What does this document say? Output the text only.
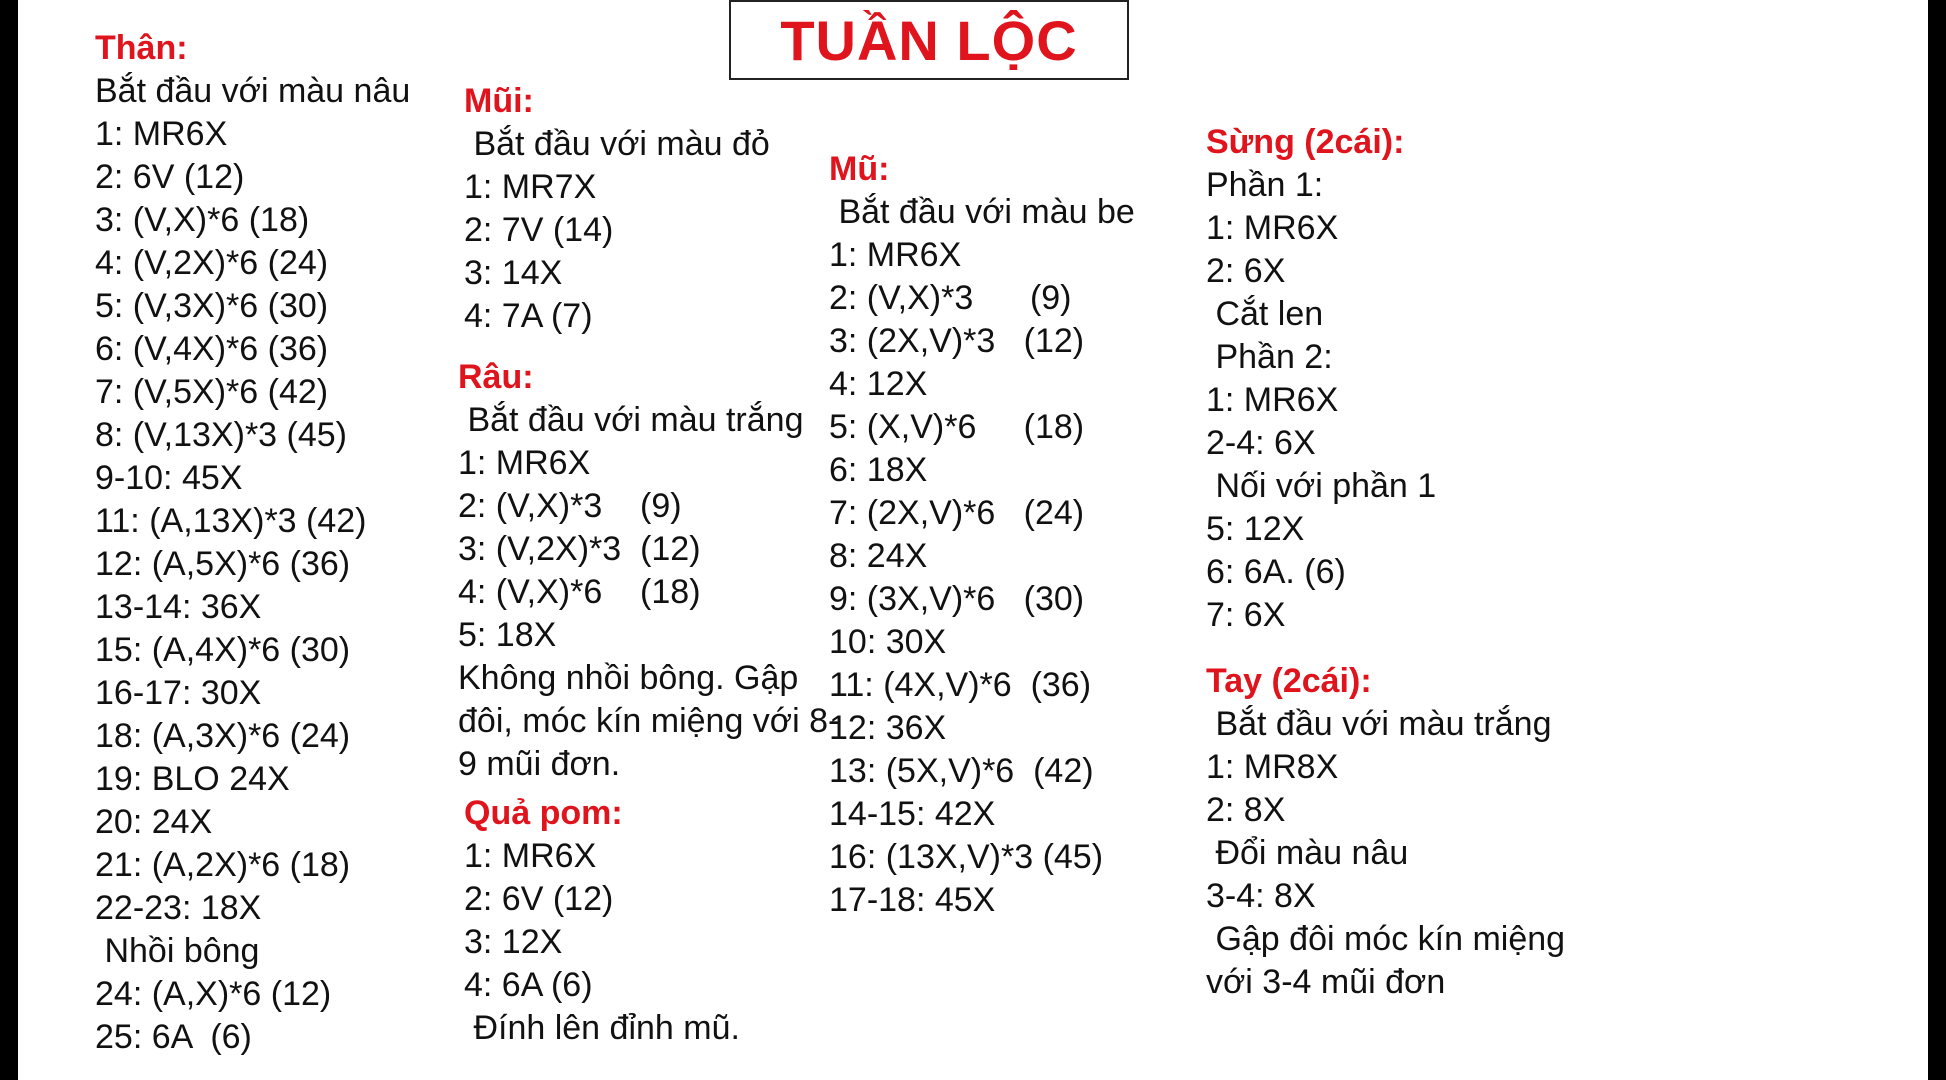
TUẦN LỘC
Thân:
Bắt đầu với màu nâu
1: MR6X
2: 6V (12)
3: (V,X)*6 (18)
4: (V,2X)*6 (24)
5: (V,3X)*6 (30)
6: (V,4X)*6 (36)
7: (V,5X)*6 (42)
8: (V,13X)*3 (45)
9-10: 45X
11: (A,13X)*3 (42)
12: (A,5X)*6 (36)
13-14: 36X
15: (A,4X)*6 (30)
16-17: 30X
18: (A,3X)*6 (24)
19: BLO 24X
20: 24X
21: (A,2X)*6 (18)
22-23: 18X
Nhồi bông
24: (A,X)*6 (12)
25: 6A  (6)
Mũi:
Bắt đầu với màu đỏ
1: MR7X
2: 7V (14)
3: 14X
4: 7A (7)
Râu:
Bắt đầu với màu trắng
1: MR6X
2: (V,X)*3    (9)
3: (V,2X)*3  (12)
4: (V,X)*6    (18)
5: 18X
Không nhồi bông. Gập
đôi, móc kín miệng với 8-
9 mũi đơn.
Quả pom:
1: MR6X
2: 6V (12)
3: 12X
4: 6A (6)
Đính lên đỉnh mũ.
Mũ:
Bắt đầu với màu be
1: MR6X
2: (V,X)*3      (9)
3: (2X,V)*3   (12)
4: 12X
5: (X,V)*6     (18)
6: 18X
7: (2X,V)*6   (24)
8: 24X
9: (3X,V)*6   (30)
10: 30X
11: (4X,V)*6  (36)
12: 36X
13: (5X,V)*6  (42)
14-15: 42X
16: (13X,V)*3 (45)
17-18: 45X
Sừng (2cái):
Phần 1:
1: MR6X
2: 6X
Cắt len
Phần 2:
1: MR6X
2-4: 6X
Nối với phần 1
5: 12X
6: 6A. (6)
7: 6X
Tay (2cái):
Bắt đầu với màu trắng
1: MR8X
2: 8X
Đổi màu nâu
3-4: 8X
Gập đôi móc kín miệng
với 3-4 mũi đơn
